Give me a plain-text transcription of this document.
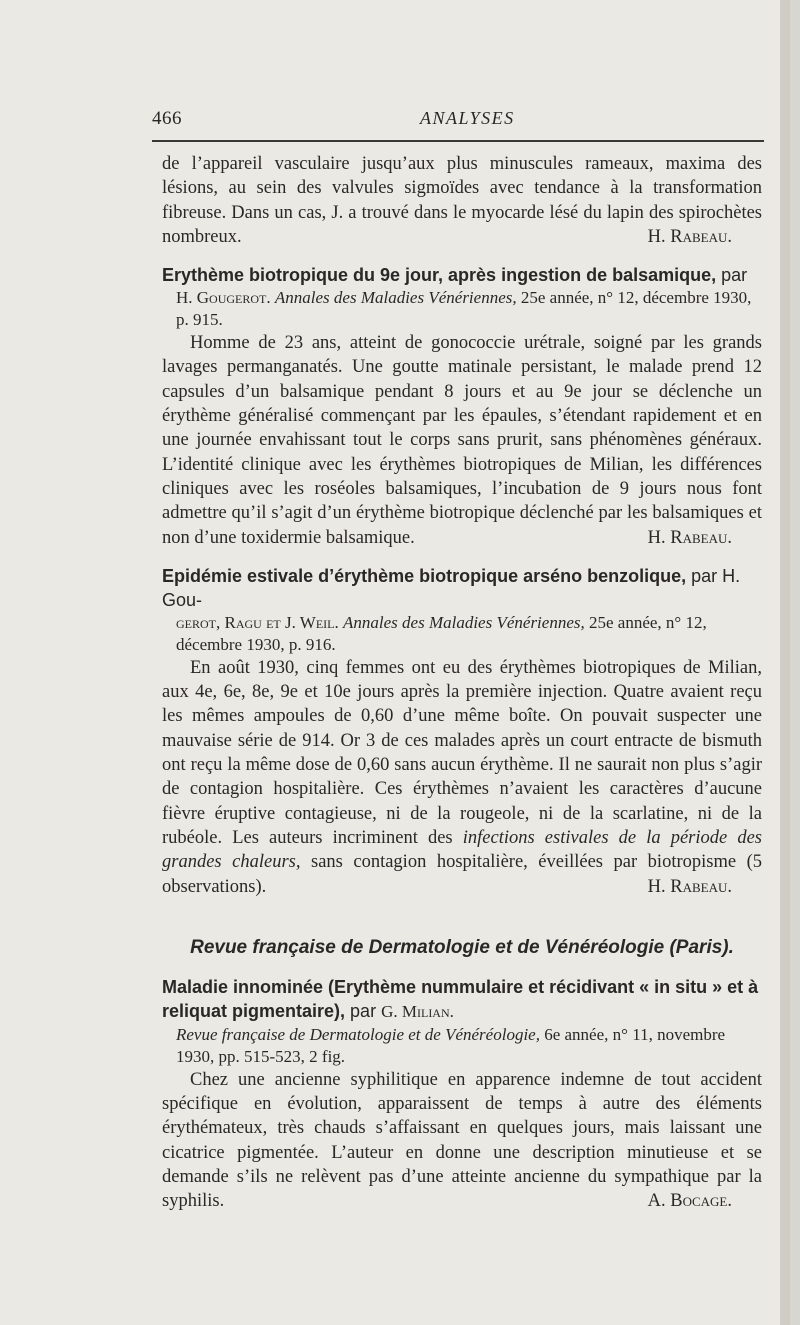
466	ANALYSES

de l’appareil vasculaire jusqu’aux plus minuscules rameaux, maxima des lésions, au sein des valvules sigmoïdes avec tendance à la transformation fibreuse. Dans un cas, J. a trouvé dans le myocarde lésé du lapin des spirochètes nombreux.	H. Rabeau.

Erythème biotropique du 9e jour, après ingestion de balsamique, par

H. Gougerot. Annales des Maladies Vénériennes, 25e année, n° 12, décembre 1930, p. 915.

Homme de 23 ans, atteint de gonococcie urétrale, soigné par les grands lavages permanganatés. Une goutte matinale persistant, le malade prend 12 capsules d’un balsamique pendant 8 jours et au 9e jour se déclenche un érythème généralisé commençant par les épaules, s’étendant rapidement et en une journée envahissant tout le corps sans prurit, sans phénomènes généraux. L’identité clinique avec les érythèmes biotropiques de Milian, les différences cliniques avec les roséoles balsamiques, l’incubation de 9 jours nous font admettre qu’il s’agit d’un érythème biotropique déclenché par les balsamiques et non d’une toxidermie balsamique.	H. Rabeau.

Epidémie estivale d’érythème biotropique arséno benzolique, par H. Gou-

gerot, Ragu et J. Weil. Annales des Maladies Vénériennes, 25e année, n° 12, décembre 1930, p. 916.

En août 1930, cinq femmes ont eu des érythèmes biotropiques de Milian, aux 4e, 6e, 8e, 9e et 10e jours après la première injection. Quatre avaient reçu les mêmes ampoules de 0,60 d’une même boîte. On pouvait suspecter une mauvaise série de 914. Or 3 de ces malades après un court entracte de bismuth ont reçu la même dose de 0,60 sans aucun érythème. Il ne saurait non plus s’agir de contagion hospitalière. Ces érythèmes n’avaient les caractères d’aucune fièvre éruptive contagieuse, ni de la rougeole, ni de la scarlatine, ni de la rubéole. Les auteurs incriminent des infections estivales de la période des grandes chaleurs, sans contagion hospitalière, éveillées par biotropisme (5 observations).	H. Rabeau.

Revue française de Dermatologie et de Vénéréologie (Paris).

Maladie innominée (Erythème nummulaire et récidivant « in situ » et à reliquat pigmentaire), par G. Milian.

Revue française de Dermatologie et de Vénéréologie, 6e année, n° 11, novembre 1930, pp. 515-523, 2 fig.

Chez une ancienne syphilitique en apparence indemne de tout accident spécifique en évolution, apparaissent de temps à autre des éléments érythémateux, très chauds s’affaissant en quelques jours, mais laissant une cicatrice pigmentée. L’auteur en donne une description minutieuse et se demande s’ils ne relèvent pas d’une atteinte ancienne du sympathique par la syphilis.	A. Bocage.
